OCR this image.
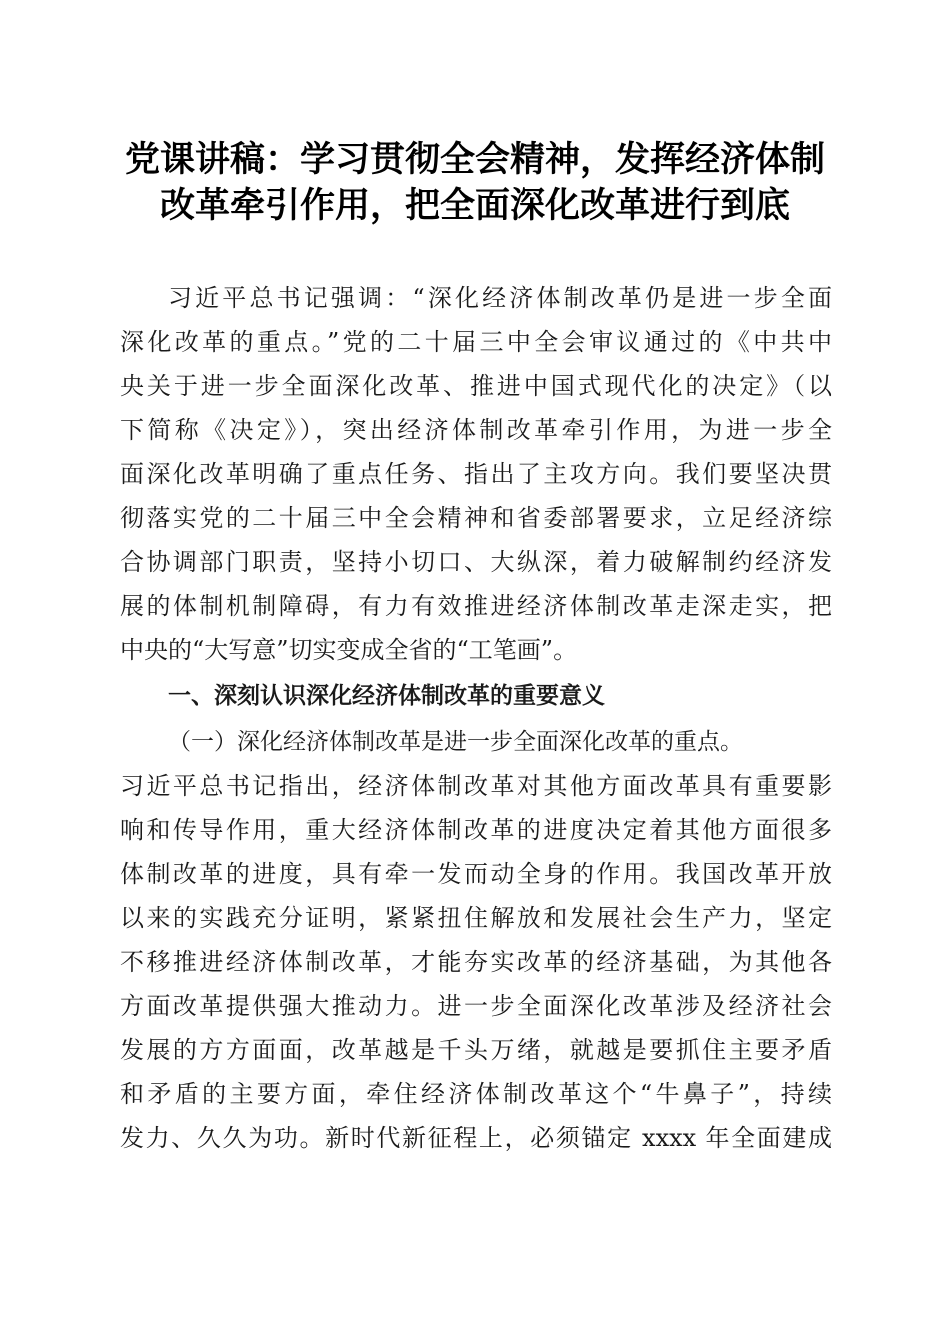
党课讲稿：学习贯彻全会精神，发挥经济体制
改革牵引作用，把全面深化改革进行到底
习近平总书记强调：“深化经济体制改革仍是进一步全面
深化改革的重点。”党的二十届三中全会审议通过的《中共中
央关于进一步全面深化改革、推进中国式现代化的决定》（以
下简称《决定》），突出经济体制改革牵引作用，为进一步全
面深化改革明确了重点任务、指出了主攻方向。我们要坚决贯
彻落实党的二十届三中全会精神和省委部署要求，立足经济综
合协调部门职责，坚持小切口、大纵深，着力破解制约经济发
展的体制机制障碍，有力有效推进经济体制改革走深走实，把
中央的“大写意”切实变成全省的“工笔画”。
一、深刻认识深化经济体制改革的重要意义
（一）深化经济体制改革是进一步全面深化改革的重点。
习近平总书记指出，经济体制改革对其他方面改革具有重要影
响和传导作用，重大经济体制改革的进度决定着其他方面很多
体制改革的进度，具有牵一发而动全身的作用。我国改革开放
以来的实践充分证明，紧紧扭住解放和发展社会生产力，坚定
不移推进经济体制改革，才能夯实改革的经济基础，为其他各
方面改革提供强大推动力。进一步全面深化改革涉及经济社会
发展的方方面面，改革越是千头万绪，就越是要抓住主要矛盾
和矛盾的主要方面，牵住经济体制改革这个“牛鼻子”，持续
发力、久久为功。新时代新征程上，必须锚定 xxxx 年全面建成
